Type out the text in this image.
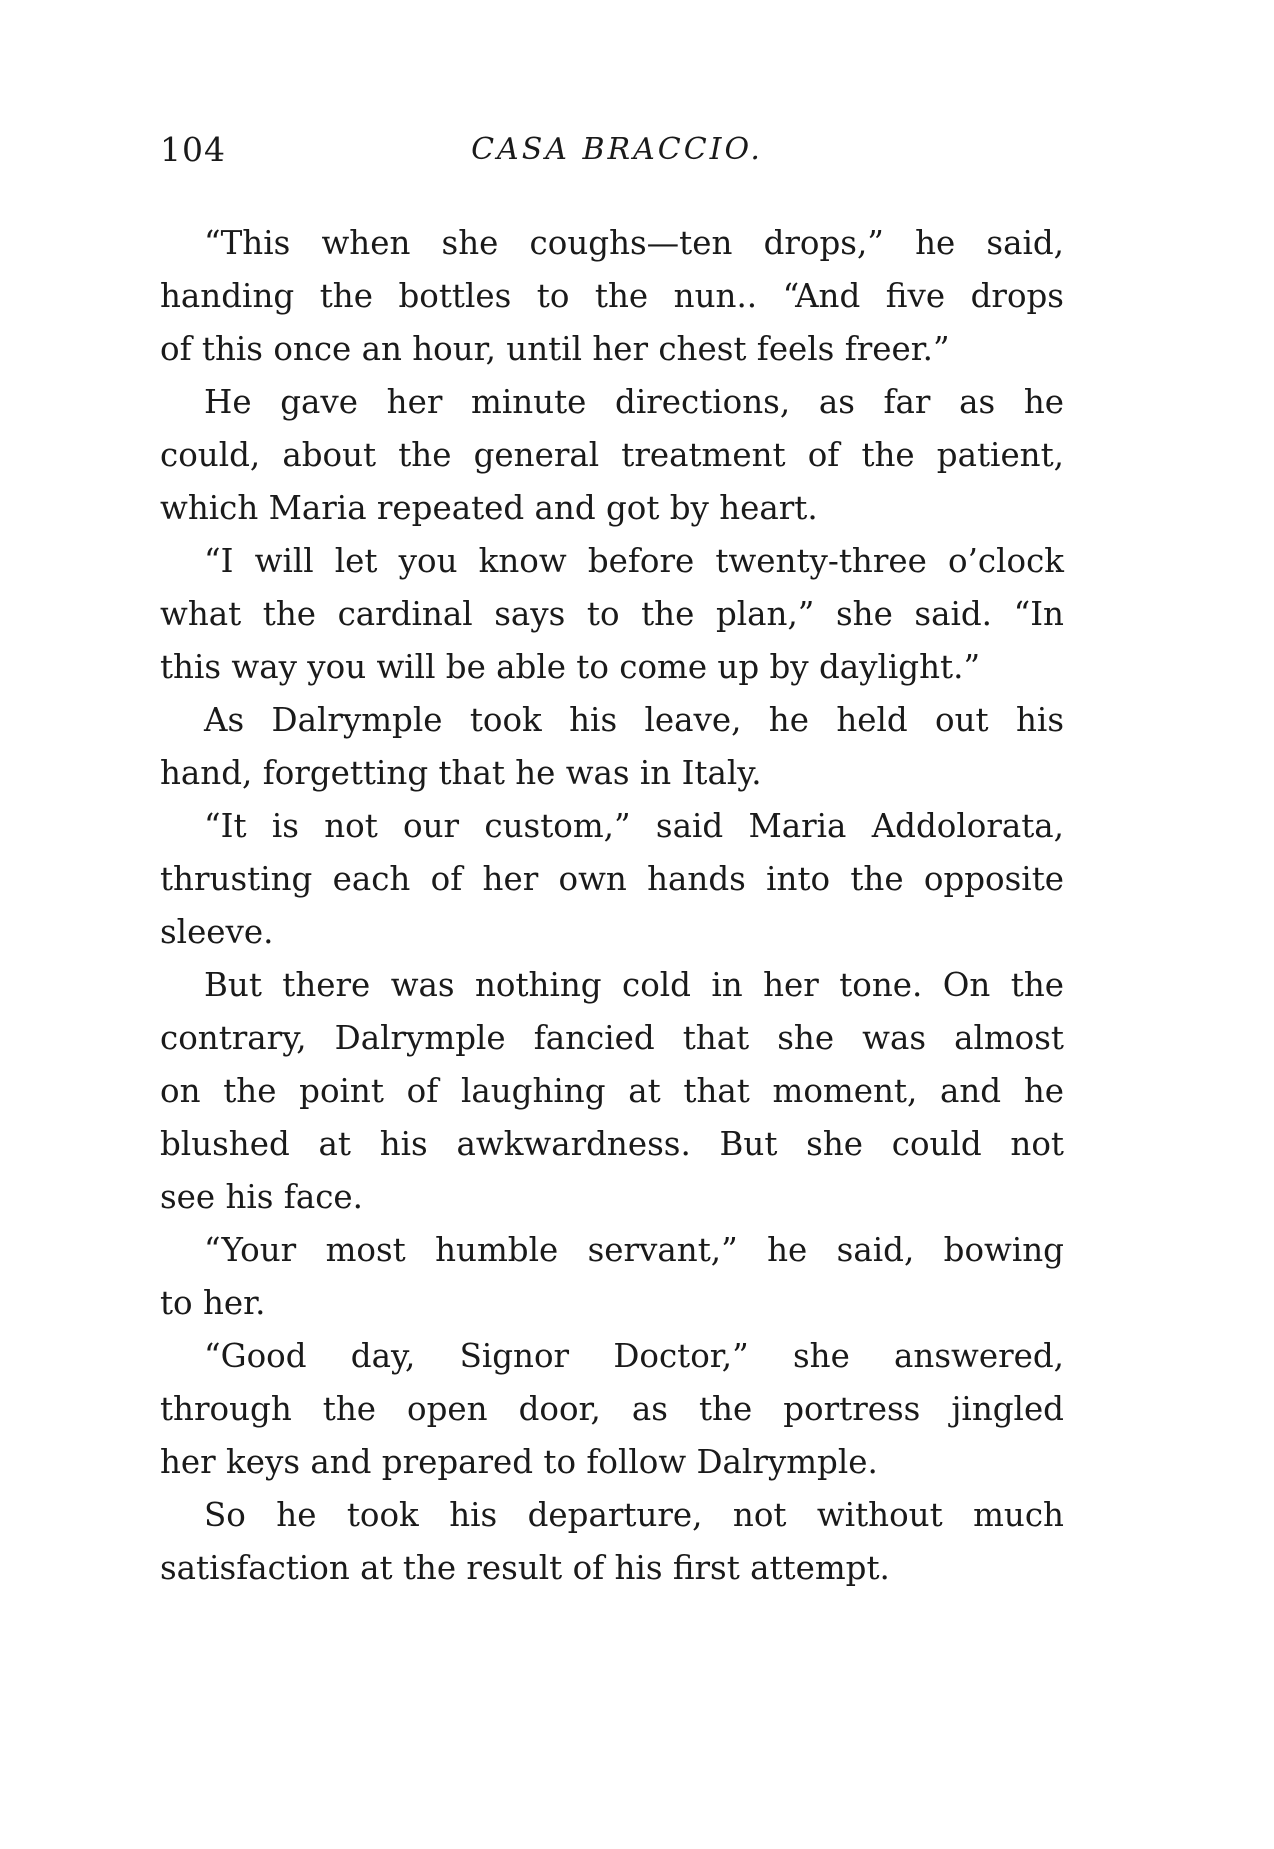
104	CASA BRACCIO.
“This when she coughs—ten drops,” he said,
handing the bottles to the nun.. “And five drops
of this once an hour, until her chest feels freer.”
He gave her minute directions, as far as he
could, about the general treatment of the patient,
which Maria repeated and got by heart.
“I will let you know before twenty-three o’clock
what the cardinal says to the plan,” she said. “In
this way you will be able to come up by daylight.”
As Dalrymple took his leave, he held out his
hand, forgetting that he was in Italy.
“It is not our custom,” said Maria Addolorata,
thrusting each of her own hands into the opposite
sleeve.
But there was nothing cold in her tone. On the
contrary, Dalrymple fancied that she was almost
on the point of laughing at that moment, and he
blushed at his awkwardness. But she could not
see his face.
“Your most humble servant,” he said, bowing
to her.
“Good day, Signor Doctor,” she answered,
through the open door, as the portress jingled
her keys and prepared to follow Dalrymple.
So he took his departure, not without much
satisfaction at the result of his first attempt.
